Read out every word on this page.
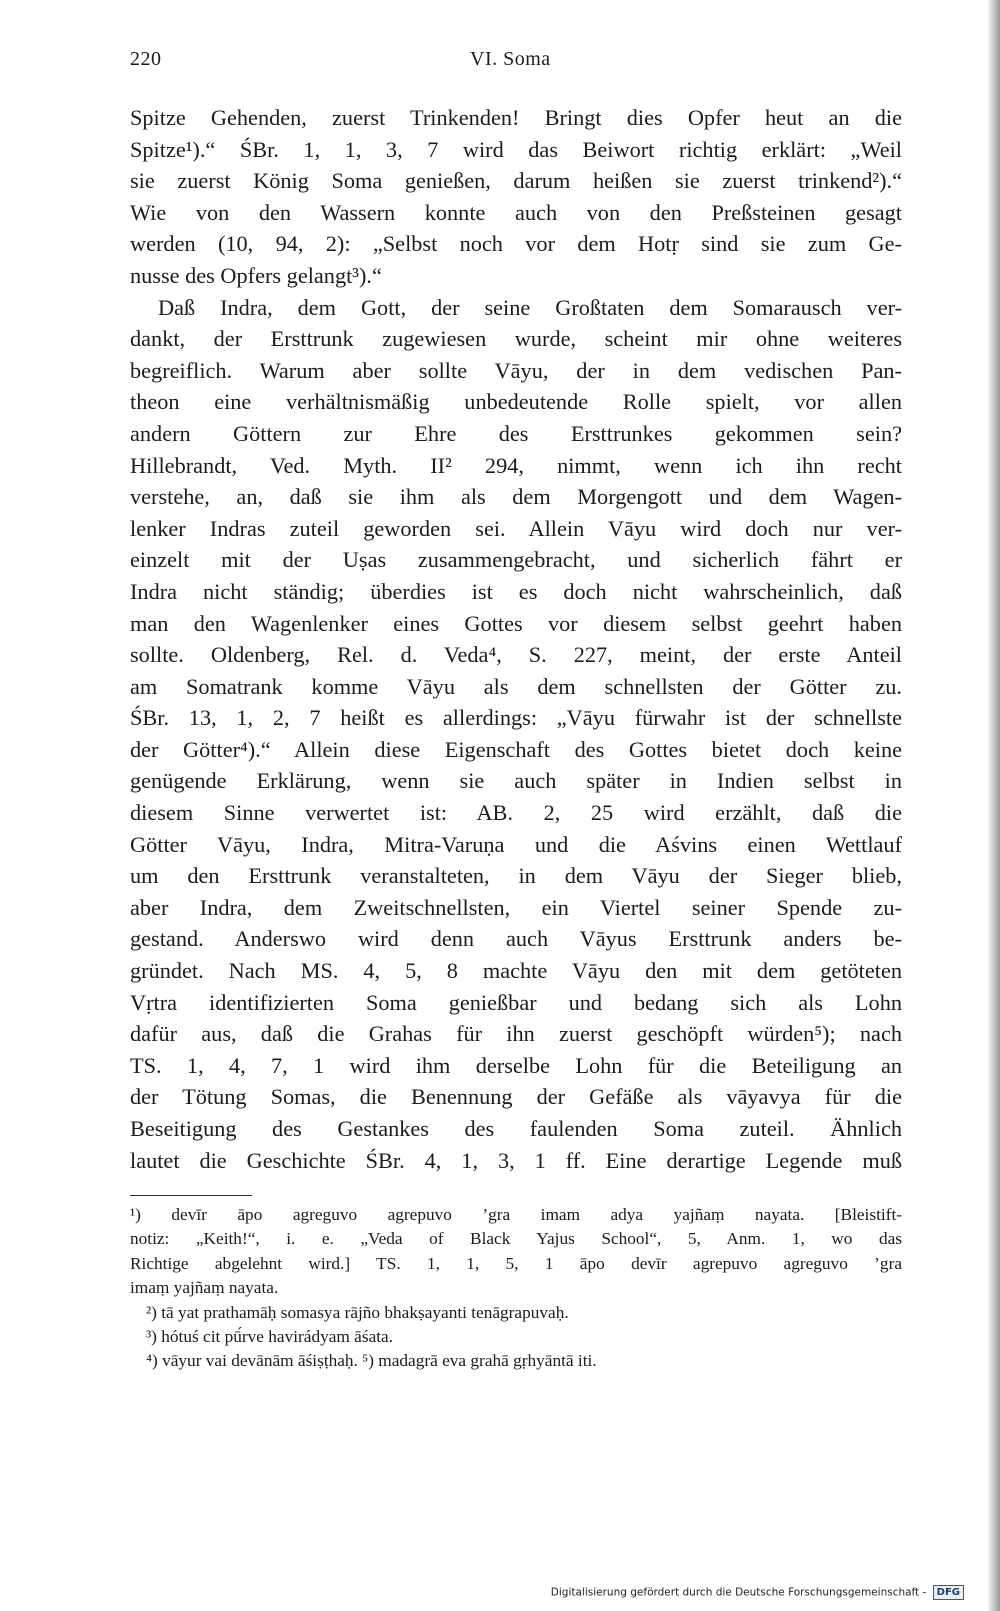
220	VI. Soma
Spitze Gehenden, zuerst Trinkenden! Bringt dies Opfer heut an die
Spitze¹).“ ŚBr. 1, 1, 3, 7 wird das Beiwort richtig erklärt: „Weil
sie zuerst König Soma genießen, darum heißen sie zuerst trinkend²).“
Wie von den Wassern konnte auch von den Preßsteinen gesagt
werden (10, 94, 2): „Selbst noch vor dem Hotṛ sind sie zum Ge-
nusse des Opfers gelangt³).“
Daß Indra, dem Gott, der seine Großtaten dem Somarausch ver-
dankt, der Ersttrunk zugewiesen wurde, scheint mir ohne weiteres
begreiflich. Warum aber sollte Vāyu, der in dem vedischen Pan-
theon eine verhältnismäßig unbedeutende Rolle spielt, vor allen
andern Göttern zur Ehre des Ersttrunkes gekommen sein?
Hillebrandt, Ved. Myth. II² 294, nimmt, wenn ich ihn recht
verstehe, an, daß sie ihm als dem Morgengott und dem Wagen-
lenker Indras zuteil geworden sei. Allein Vāyu wird doch nur ver-
einzelt mit der Uṣas zusammengebracht, und sicherlich fährt er
Indra nicht ständig; überdies ist es doch nicht wahrscheinlich, daß
man den Wagenlenker eines Gottes vor diesem selbst geehrt haben
sollte. Oldenberg, Rel. d. Veda⁴, S. 227, meint, der erste Anteil
am Somatrank komme Vāyu als dem schnellsten der Götter zu.
ŚBr. 13, 1, 2, 7 heißt es allerdings: „Vāyu fürwahr ist der schnellste
der Götter⁴).“ Allein diese Eigenschaft des Gottes bietet doch keine
genügende Erklärung, wenn sie auch später in Indien selbst in
diesem Sinne verwertet ist: AB. 2, 25 wird erzählt, daß die
Götter Vāyu, Indra, Mitra-Varuṇa und die Aśvins einen Wettlauf
um den Ersttrunk veranstalteten, in dem Vāyu der Sieger blieb,
aber Indra, dem Zweitschnellsten, ein Viertel seiner Spende zu-
gestand. Anderswo wird denn auch Vāyus Ersttrunk anders be-
gründet. Nach MS. 4, 5, 8 machte Vāyu den mit dem getöteten
Vṛtra identifizierten Soma genießbar und bedang sich als Lohn
dafür aus, daß die Grahas für ihn zuerst geschöpft würden⁵); nach
TS. 1, 4, 7, 1 wird ihm derselbe Lohn für die Beteiligung an
der Tötung Somas, die Benennung der Gefäße als vāyavya für die
Beseitigung des Gestankes des faulenden Soma zuteil. Ähnlich
lautet die Geschichte ŚBr. 4, 1, 3, 1 ff. Eine derartige Legende muß
¹) devīr āpo agreguvo agrepuvo ’gra imam adya yajñaṃ nayata. [Bleistift-
notiz: „Keith!“, i. e. „Veda of Black Yajus School“, 5, Anm. 1, wo das
Richtige abgelehnt wird.] TS. 1, 1, 5, 1 āpo devīr agrepuvo agreguvo ’gra
imaṃ yajñaṃ nayata.
²) tā yat prathamāḥ somasya rājño bhakṣayanti tenāgrapuvaḥ.
³) hótuś cit pū́rve havirádyam āśata.
⁴) vāyur vai devānām āśiṣṭhaḥ. ⁵) madagrā eva grahā gṛhyāntā iti.
Digitalisierung gefördert durch die Deutsche Forschungsgemeinschaft - DFG
